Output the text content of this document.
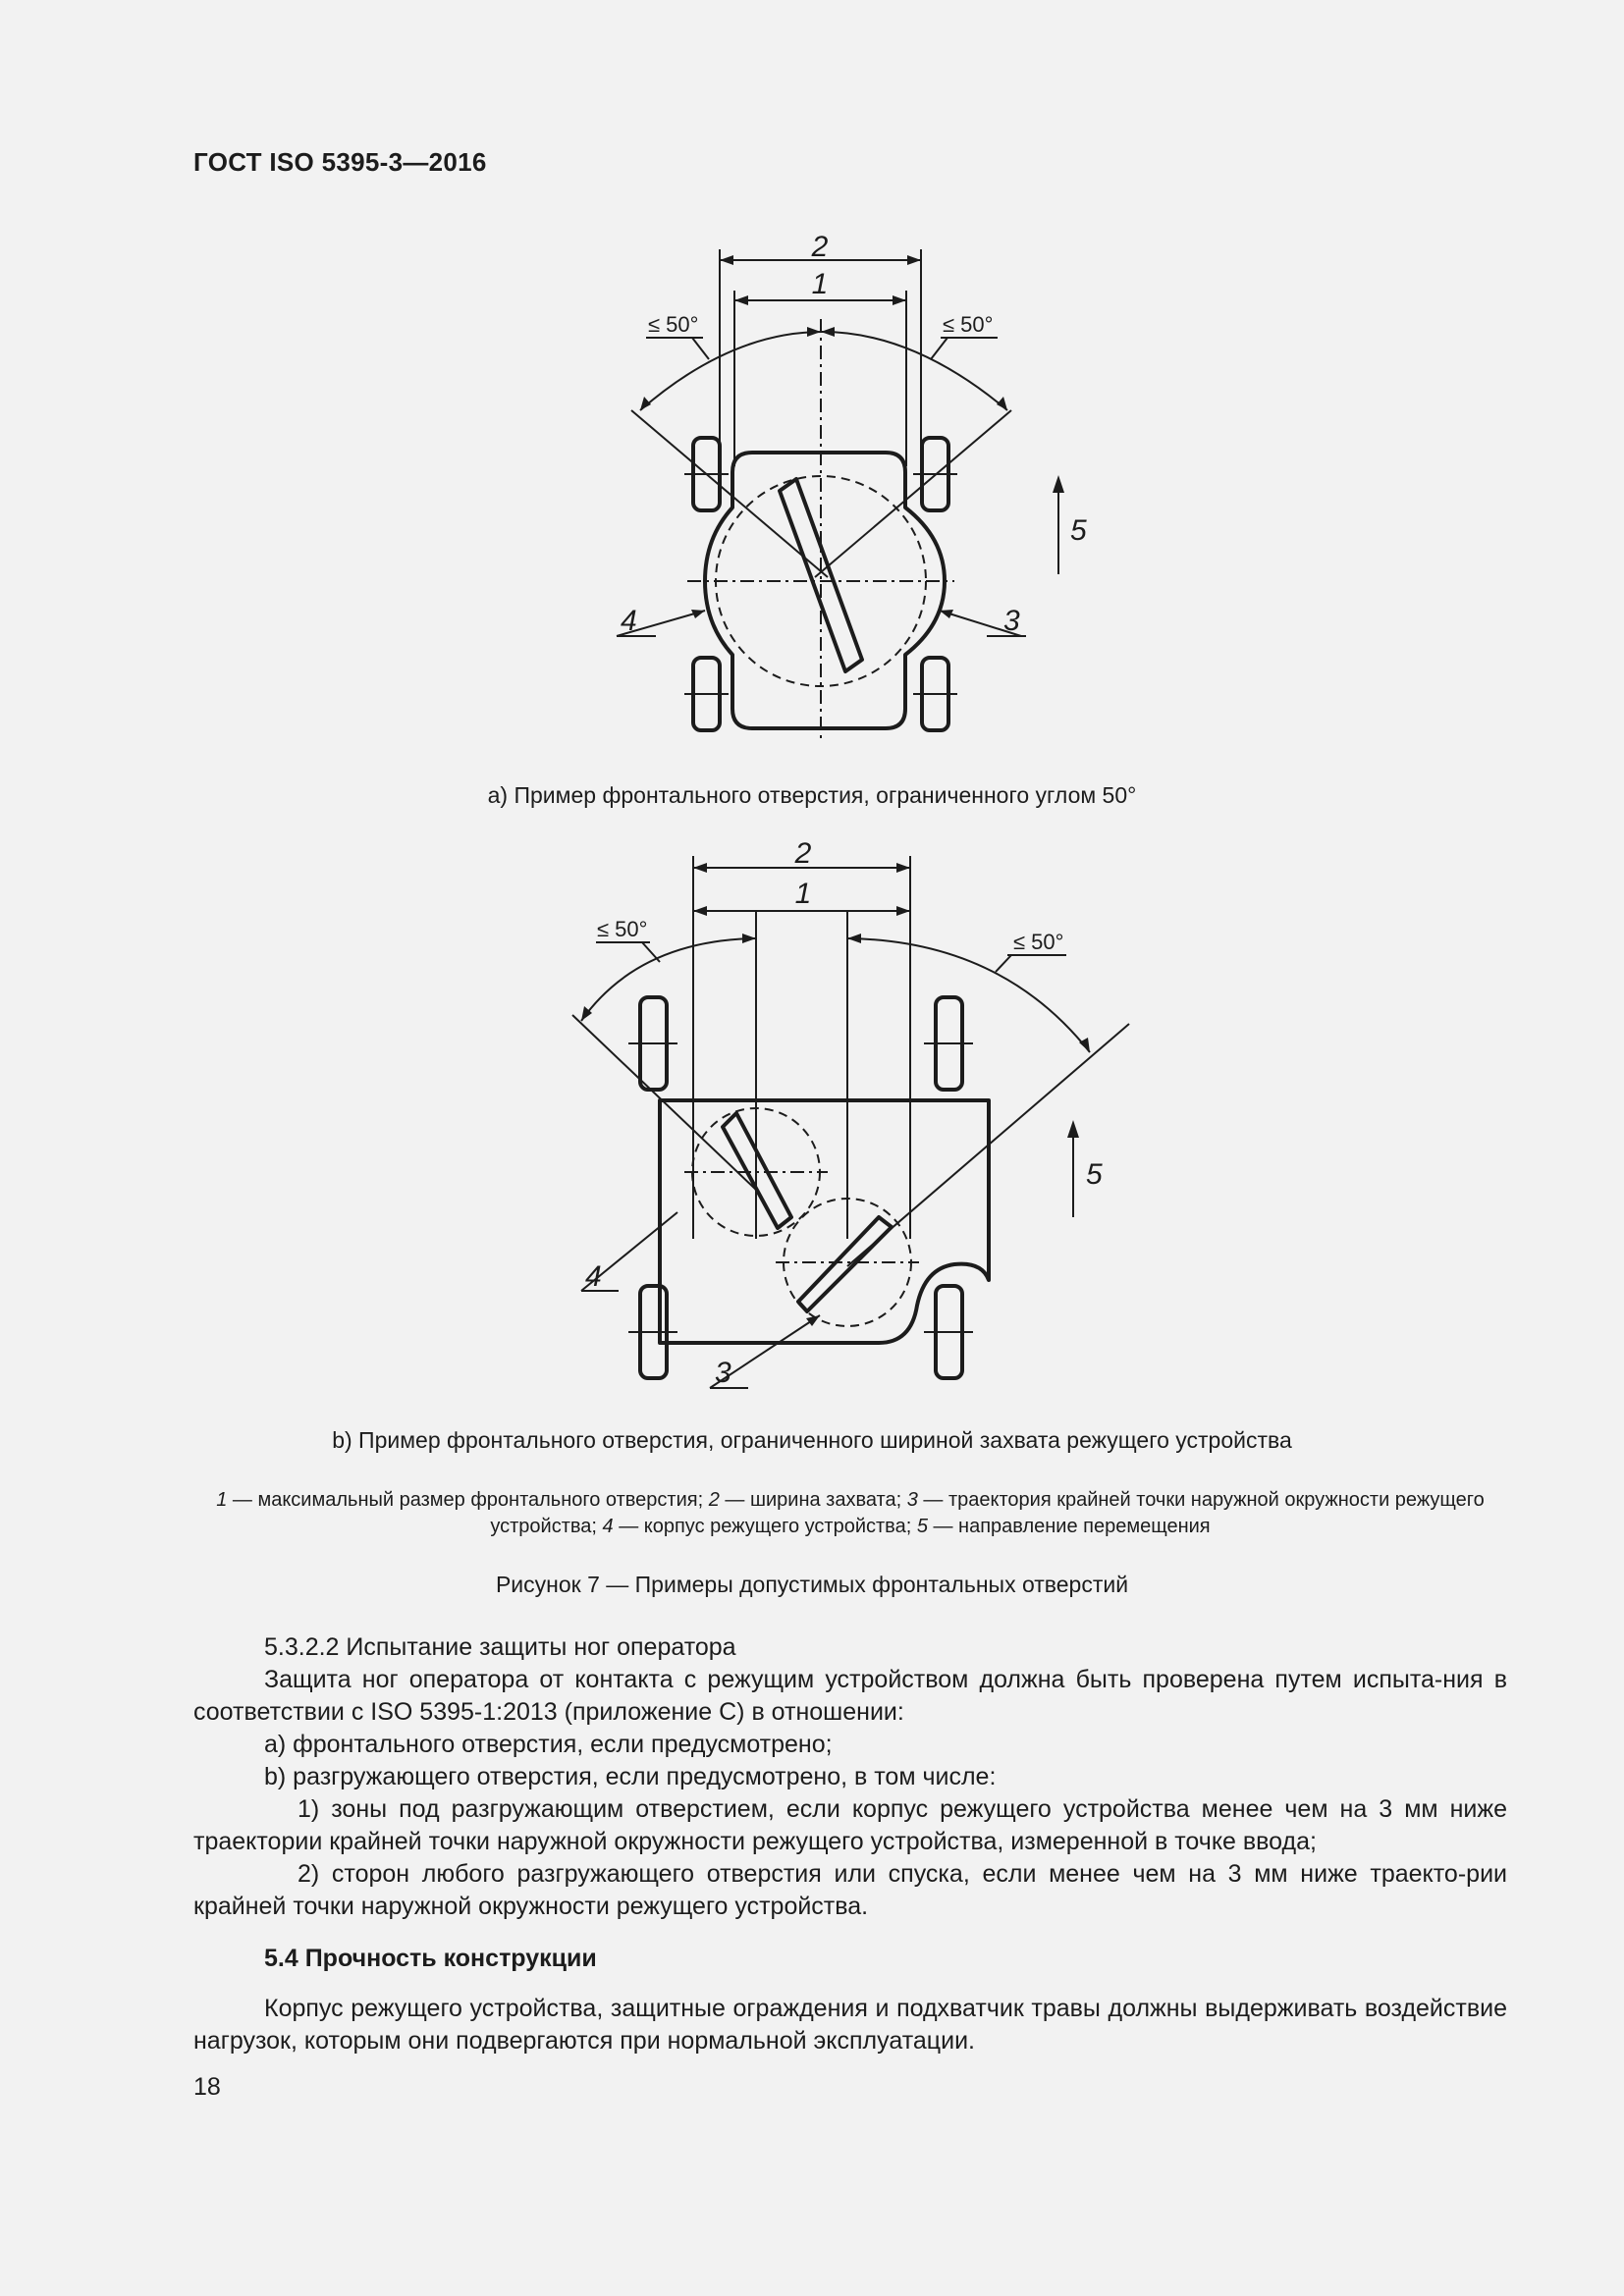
ГОСТ ISO 5395-3—2016
2
1
≤ 50°	≤ 50°
4	3
5
а) Пример фронтального отверстия, ограниченного углом 50°
2
1
≤ 50°
≤ 50°
4
3
5
b) Пример фронтального отверстия, ограниченного шириной захвата режущего устройства
1 — максимальный размер фронтального отверстия; 2 — ширина захвата; 3 — траектория крайней точки наружной окружности режущего устройства; 4 — корпус режущего устройства; 5 — направление перемещения
Рисунок 7 — Примеры допустимых фронтальных отверстий

5.3.2.2 Испытание защиты ног оператора

Защита ног оператора от контакта с режущим устройством должна быть проверена путем испыта-ния в соответствии с ISO 5395-1:2013 (приложение С) в отношении:

а) фронтального отверстия, если предусмотрено;

b) разгружающего отверстия, если предусмотрено, в том числе:

1) зоны под разгружающим отверстием, если корпус режущего устройства менее чем на 3 мм ниже траектории крайней точки наружной окружности режущего устройства, измеренной в точке ввода;

2) сторон любого разгружающего отверстия или спуска, если менее чем на 3 мм ниже траекто-рии крайней точки наружной окружности режущего устройства.

5.4 Прочность конструкции

Корпус режущего устройства, защитные ограждения и подхватчик травы должны выдерживать воздействие нагрузок, которым они подвергаются при нормальной эксплуатации.

18
